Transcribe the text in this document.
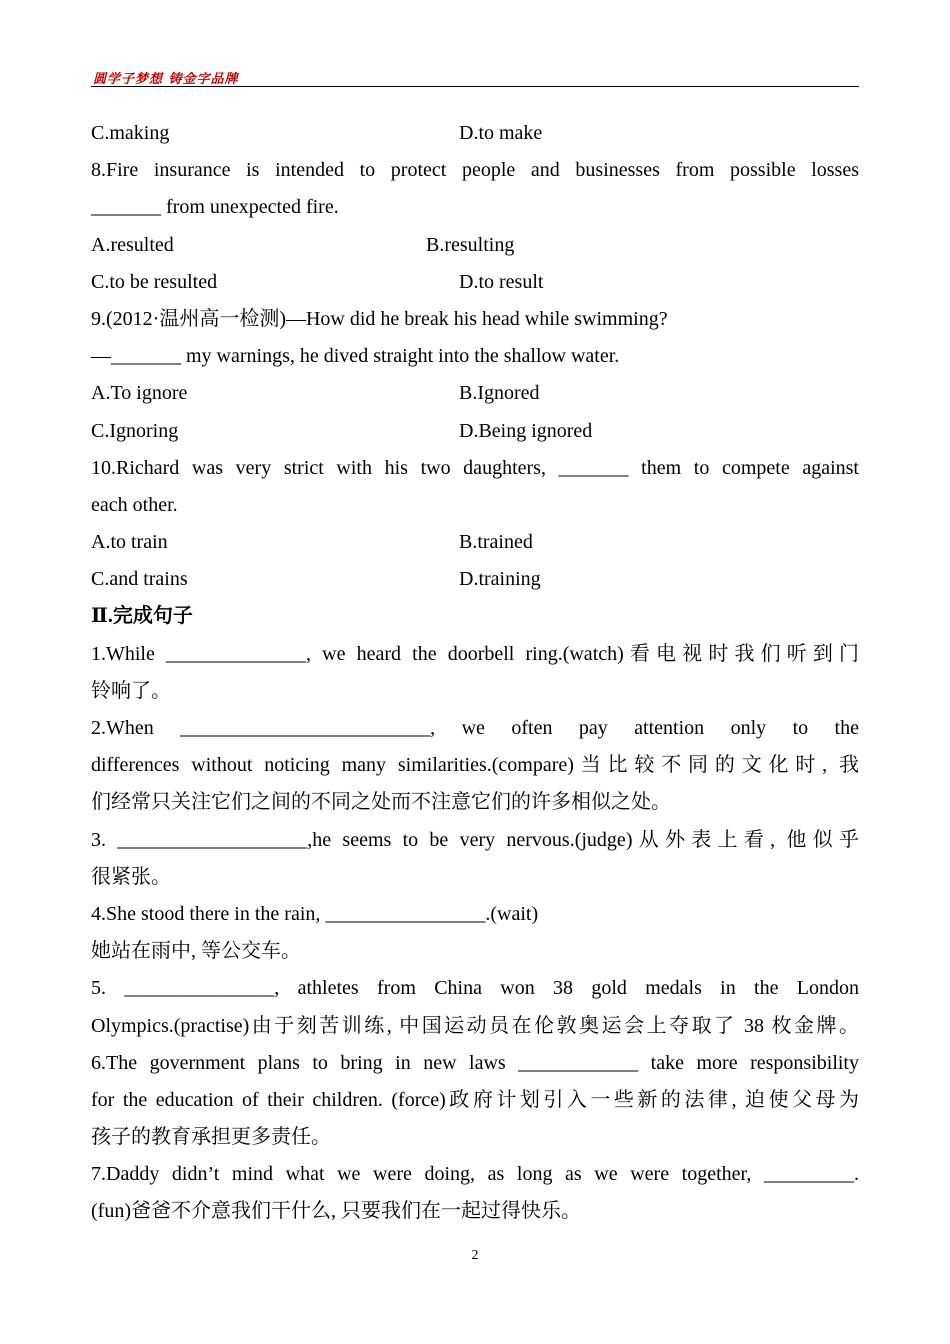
圆学子梦想 铸金字品牌
C.making	D.to make
8.Fire insurance is intended to protect people and businesses from possible losses
_______ from unexpected fire.
A.resulted	B.resulting
C.to be resulted	D.to result
9.(2012·温州高一检测)—How did he break his head while swimming?
—_______ my warnings, he dived straight into the shallow water.
A.To ignore	B.Ignored
C.Ignoring	D.Being ignored
10.Richard was very strict with his two daughters, _______ them to compete against
each other.
A.to train	B.trained
C.and trains	D.training
Ⅱ.完成句子
1.While ______________, we heard the doorbell ring.(watch)看电视时我们听到门
铃响了。
2.When _________________________, we often pay attention only to the
differences without noticing many similarities.(compare)当比较不同的文化时, 我
们经常只关注它们之间的不同之处而不注意它们的许多相似之处。
3. ___________________,he seems to be very nervous.(judge)从外表上看, 他似乎
很紧张。
4.She stood there in the rain, ________________.(wait)
她站在雨中, 等公交车。
5. _______________, athletes from China won 38 gold medals in the London
Olympics.(practise)由于刻苦训练, 中国运动员在伦敦奥运会上夺取了 38 枚金牌。
6.The government plans to bring in new laws ____________ take more responsibility
for the education of their children. (force)政府计划引入一些新的法律, 迫使父母为
孩子的教育承担更多责任。
7.Daddy didn’t mind what we were doing, as long as we were together, _________.
(fun)爸爸不介意我们干什么, 只要我们在一起过得快乐。
2
